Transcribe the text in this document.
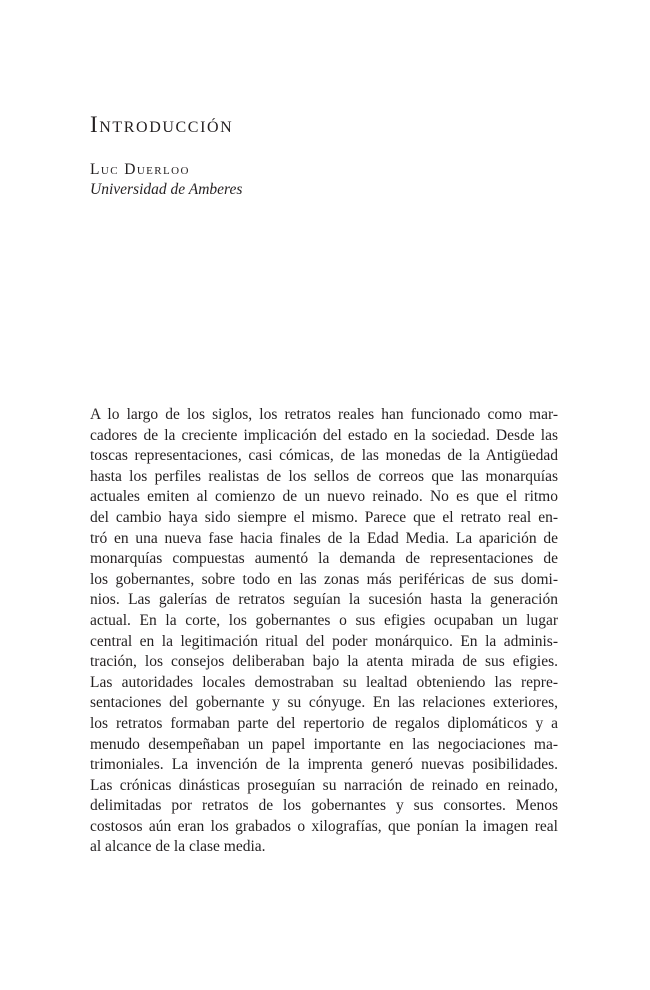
Introducción

Luc Duerloo

Universidad de Amberes

A lo largo de los siglos, los retratos reales han funcionado como mar-
cadores de la creciente implicación del estado en la sociedad. Desde las
toscas representaciones, casi cómicas, de las monedas de la Antigüedad
hasta los perfiles realistas de los sellos de correos que las monarquías
actuales emiten al comienzo de un nuevo reinado. No es que el ritmo
del cambio haya sido siempre el mismo. Parece que el retrato real en-
tró en una nueva fase hacia finales de la Edad Media. La aparición de
monarquías compuestas aumentó la demanda de representaciones de
los gobernantes, sobre todo en las zonas más periféricas de sus domi-
nios. Las galerías de retratos seguían la sucesión hasta la generación
actual. En la corte, los gobernantes o sus efigies ocupaban un lugar
central en la legitimación ritual del poder monárquico. En la adminis-
tración, los consejos deliberaban bajo la atenta mirada de sus efigies.
Las autoridades locales demostraban su lealtad obteniendo las repre-
sentaciones del gobernante y su cónyuge. En las relaciones exteriores,
los retratos formaban parte del repertorio de regalos diplomáticos y a
menudo desempeñaban un papel importante en las negociaciones ma-
trimoniales. La invención de la imprenta generó nuevas posibilidades.
Las crónicas dinásticas proseguían su narración de reinado en reinado,
delimitadas por retratos de los gobernantes y sus consortes. Menos
costosos aún eran los grabados o xilografías, que ponían la imagen real
al alcance de la clase media.
